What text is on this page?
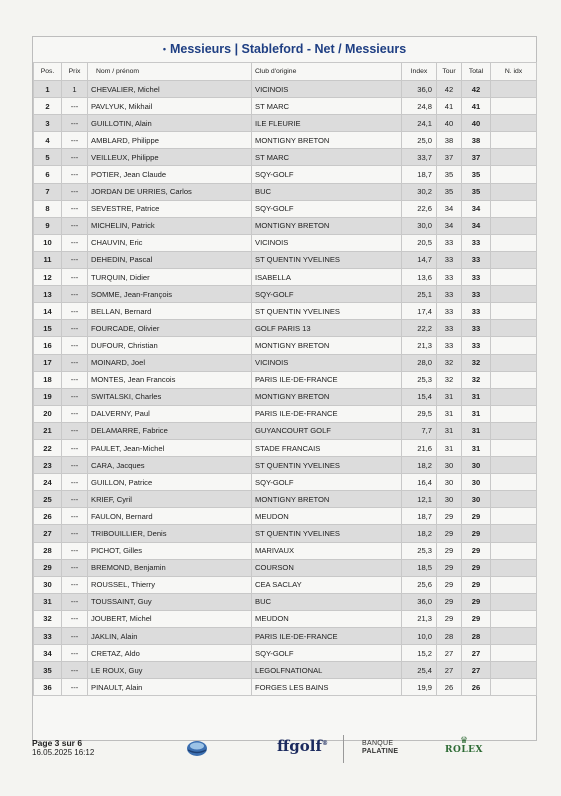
• Messieurs | Stableford - Net / Messieurs
Pos.	Prix	Nom / prénom	Club d'origine	Index	Tour	Total	N. idx
1	1	CHEVALIER, Michel	VICINOIS	36,0	42	42	
2	---	PAVLYUK, Mikhail	ST MARC	24,8	41	41	
3	---	GUILLOTIN, Alain	ILE FLEURIE	24,1	40	40	
4	---	AMBLARD, Philippe	MONTIGNY BRETON	25,0	38	38	
5	---	VEILLEUX, Philippe	ST MARC	33,7	37	37	
6	---	POTIER, Jean Claude	SQY-GOLF	18,7	35	35	
7	---	JORDAN DE URRIES, Carlos	BUC	30,2	35	35	
8	---	SEVESTRE, Patrice	SQY-GOLF	22,6	34	34	
9	---	MICHELIN, Patrick	MONTIGNY BRETON	30,0	34	34	
10	---	CHAUVIN, Eric	VICINOIS	20,5	33	33	
11	---	DEHEDIN, Pascal	ST QUENTIN YVELINES	14,7	33	33	
12	---	TURQUIN, Didier	ISABELLA	13,6	33	33	
13	---	SOMME, Jean-François	SQY-GOLF	25,1	33	33	
14	---	BELLAN, Bernard	ST QUENTIN YVELINES	17,4	33	33	
15	---	FOURCADE, Olivier	GOLF PARIS 13	22,2	33	33	
16	---	DUFOUR, Christian	MONTIGNY BRETON	21,3	33	33	
17	---	MOINARD, Joel	VICINOIS	28,0	32	32	
18	---	MONTES, Jean Francois	PARIS ILE-DE-FRANCE	25,3	32	32	
19	---	SWITALSKI, Charles	MONTIGNY BRETON	15,4	31	31	
20	---	DALVERNY, Paul	PARIS ILE-DE-FRANCE	29,5	31	31	
21	---	DELAMARRE, Fabrice	GUYANCOURT GOLF	7,7	31	31	
22	---	PAULET, Jean-Michel	STADE FRANCAIS	21,6	31	31	
23	---	CARA, Jacques	ST QUENTIN YVELINES	18,2	30	30	
24	---	GUILLON, Patrice	SQY-GOLF	16,4	30	30	
25	---	KRIEF, Cyril	MONTIGNY BRETON	12,1	30	30	
26	---	FAULON, Bernard	MEUDON	18,7	29	29	
27	---	TRIBOUILLIER, Denis	ST QUENTIN YVELINES	18,2	29	29	
28	---	PICHOT, Gilles	MARIVAUX	25,3	29	29	
29	---	BREMOND, Benjamin	COURSON	18,5	29	29	
30	---	ROUSSEL, Thierry	CEA SACLAY	25,6	29	29	
31	---	TOUSSAINT, Guy	BUC	36,0	29	29	
32	---	JOUBERT, Michel	MEUDON	21,3	29	29	
33	---	JAKLIN, Alain	PARIS ILE-DE-FRANCE	10,0	28	28	
34	---	CRETAZ, Aldo	SQY-GOLF	15,2	27	27	
35	---	LE ROUX, Guy	LEGOLFNATIONAL	25,4	27	27	
36	---	PINAULT, Alain	FORGES LES BAINS	19,9	26	26	
Page 3 sur 6
16.05.2025 16:12	ffgolf®	BANQUE
PALATINE
♛
ROLEX
